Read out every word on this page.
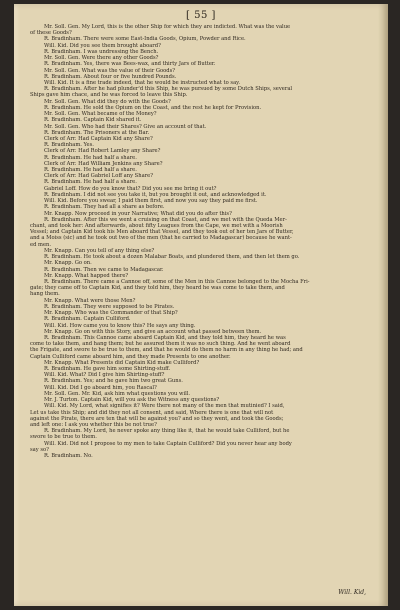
[ 55 ]
Mr. Soll. Gen. My Lord, this is the other Ship for which they are indicted. What was the value
of these Goods?
R. Bradinham. There were some East-India Goods, Opium, Powder and Rice.
Will. Kid. Did you see them brought aboard?
R. Bradinham. I was undressing the Bench.
Mr. Soll. Gen. Were there any other Goods?
R. Bradinham. Yes, there was Bees-wax, and thirty Jars of Butter.
Mr. Soll. Gen. What was the value of their Goods?
R. Bradinham. About four or five hundred Pounds.
Will. Kid. It is a fine trade indeed, that he would be instructed what to say.
R. Bradinham. After he had plunder'd this Ship, he was pursued by some Dutch Ships, several
Ships gave him chace, and he was forced to leave this Ship.
Mr. Soll. Gen. What did they do with the Goods?
R. Bradinham. He sold the Opium on the Coast, and the rest he kept for Provision.
Mr. Soll. Gen. What became of the Money?
R. Bradinham. Captain Kid shared it.
Mr. Soll. Gen. Who had their Shares? Give an account of that.
R. Bradinham. The Prisoners at the Bar.
Clerk of Arr. Had Captain Kid any Share?
R. Bradinham. Yes.
Clerk of Arr. Had Robert Lamley any Share?
R. Bradinham. He had half a share.
Clerk of Arr. Had William Jenkins any Share?
R. Bradinham. He had half a share.
Clerk of Arr. Had Gabriel Loff any Share?
R. Bradinham. He had half a share.
Gabriel Loff. How do you know that? Did you see me bring it out?
R. Bradinham. I did not see you take it, but you brought it out, and acknowledged it.
Will. Kid. Before you swear, I paid them first, and now you say they paid me first.
R. Bradinham. They had all a share as before.
Mr. Knapp. Now proceed in your Narrative; What did you do after this?
R. Bradinham. After this we went a cruising on that Coast, and we met with the Queda Mer-
chant, and took her: And afterwards, about fifty Leagues from the Cape, we met with a Moorish
Vessel; and Captain Kid took his Men aboard that Vessel, and they took out of her ten Jars of Butter,
and a Moiss (sic) and he took out two of the men (that he carried to Madagascar) because he want-
ed men.
Mr. Knapp. Can you tell of any thing else?
R. Bradinham. He took about a dozen Malabar Boats, and plundered them, and then let them go.
Mr. Knapp. Go on.
R. Bradinham. Then we came to Madagascar.
Mr. Knapp. What happed there?
R. Bradinham. There came a Cannoe off, some of the Men in this Cannoe belonged to the Mocha Fri-
gate; they came off to Captain Kid, and they told him, they heard he was come to take them, and
hang them.
Mr. Knapp. What were those Men?
R. Bradinham. They were supposed to be Pirates.
Mr. Knapp. Who was the Commander of that Ship?
R. Bradinham. Captain Culliford.
Will. Kid. How came you to know this? He says any thing.
Mr. Knapp. Go on with this Story, and give an account what passed between them.
R. Bradinham. This Cannoe came aboard Captain Kid, and they told him, they heard he was
come to take them, and hang them; but he assured them it was no such thing. And he went aboard
the Frigate, and swore to be true to them, and that he would do them no harm in any thing he had; and
Captain Culliford came aboard him, and they made Presents to one another.
Mr. Knapp. What Presents did Captain Kid make Culliford?
R. Bradinham. He gave him some Shirting-stuff.
Will. Kid. What? Did I give him Shirting-stuff?
R. Bradinham. Yes; and he gave him two great Guns.
Will. Kid. Did I go aboard him, you Rascal?
Mr. Soll. Gen. Mr. Kid, ask him what questions you will.
Mr. J. Turton. Captain Kid, will you ask the Witness any questions?
Will. Kid. My Lord, what signifies it? Were there not many of the men that mutinied? I said,
Let us take this Ship; and did they not all consent, and said, Where there is one that will not
against the Pirate, there are ten that will be against you? and so they went, and took the Goods;
and left one: I ask you whether this be not true?
R. Bradinham. My Lord, he never spoke any thing like it, that he would take Culliford, but he
swore to be true to them.
Will. Kid. Did not I propose to my men to take Captain Culliford? Did you never hear any body
say so?
R. Bradinham. No.
Will. Kid,
